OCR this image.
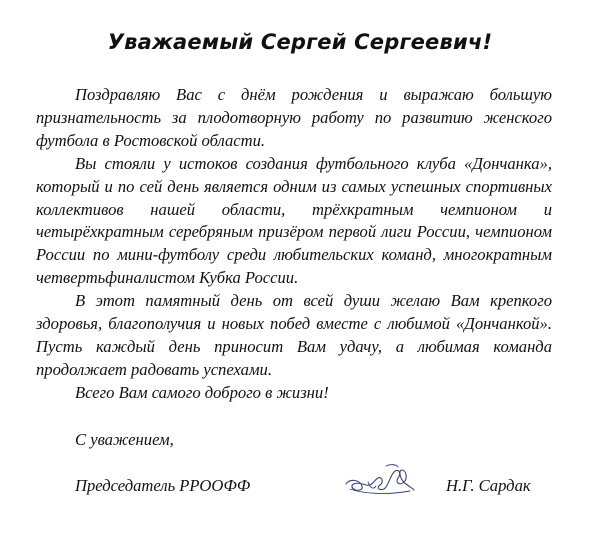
Уважаемый Сергей Сергеевич!

Поздравляю Вас с днём рождения и выражаю большую признательность за плодотворную работу по развитию женского футбола в Ростовской области.

Вы стояли у истоков создания футбольного клуба «Дончанка», который и по сей день является одним из самых успешных спортивных коллективов нашей области, трёхкратным чемпионом и четырёхкратным серебряным призёром первой лиги России, чемпионом России по мини-футболу среди любительских команд, многократным четвертьфиналистом Кубка России.

В этот памятный день от всей души желаю Вам крепкого здоровья, благополучия и новых побед вместе с любимой «Дончанкой». Пусть каждый день приносит Вам удачу, а любимая команда продолжает радовать успехами.

Всего Вам самого доброго в жизни!

С уважением,
Председатель РРООФФ	Н.Г. Сардак
